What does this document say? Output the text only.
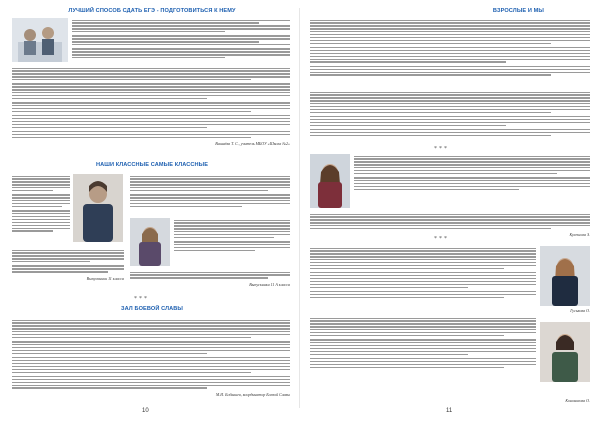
ЛУЧШИЙ СПОСОБ СДАТЬ ЕГЭ - ПОДГОТОВИТЬСЯ К НЕМУ
Вишнёва Т. С., учитель МБОУ «Школа №2»
НАШИ КЛАССНЫЕ САМЫЕ КЛАССНЫЕ
Выпускники 11 класса
Выпускники 11 А класса
***
ЗАЛ БОЕВОЙ СЛАВЫ
М.И. Бобышев, координатор Боевой Славы
10
ВЗРОСЛЫЕ И МЫ
***
Кулешова З.
***
Гуськова О.
Коновалова О.
11
